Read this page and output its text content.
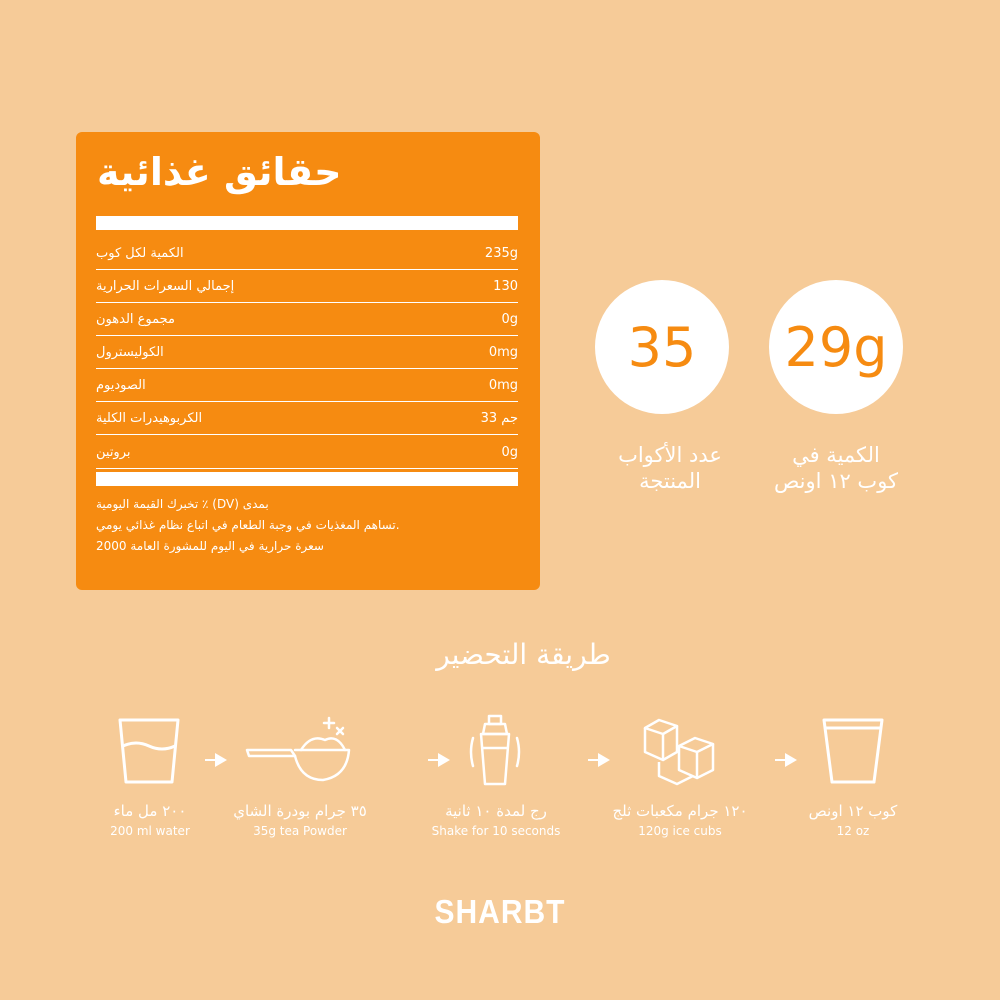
حقائق غذائية
الكمية لكل كوب	235g
إجمالي السعرات الحرارية	130
مجموع الدهون	0g
الكوليسترول	0mg
الصوديوم	0mg
الكربوهيدرات الكلية	جم 33
بروتين	0g
بمدى (DV) ٪ تخبرك القيمة اليومية
.تساهم المغذيات في وجبة الطعام في اتباع نظام غذائي يومي
سعرة حرارية في اليوم للمشورة العامة 2000
29g
الكمية في
كوب ١٢ اونص
35
عدد الأكواب
المنتجة
طريقة التحضير
كوب ١٢ اونص
12 oz
١٢٠ جرام مكعبات ثلج
120g ice cubs
رج لمدة ١٠ ثانية
Shake for 10 seconds
٣٥ جرام بودرة الشاي
35g tea Powder
٢٠٠ مل ماء
200 ml water
SHARBT
